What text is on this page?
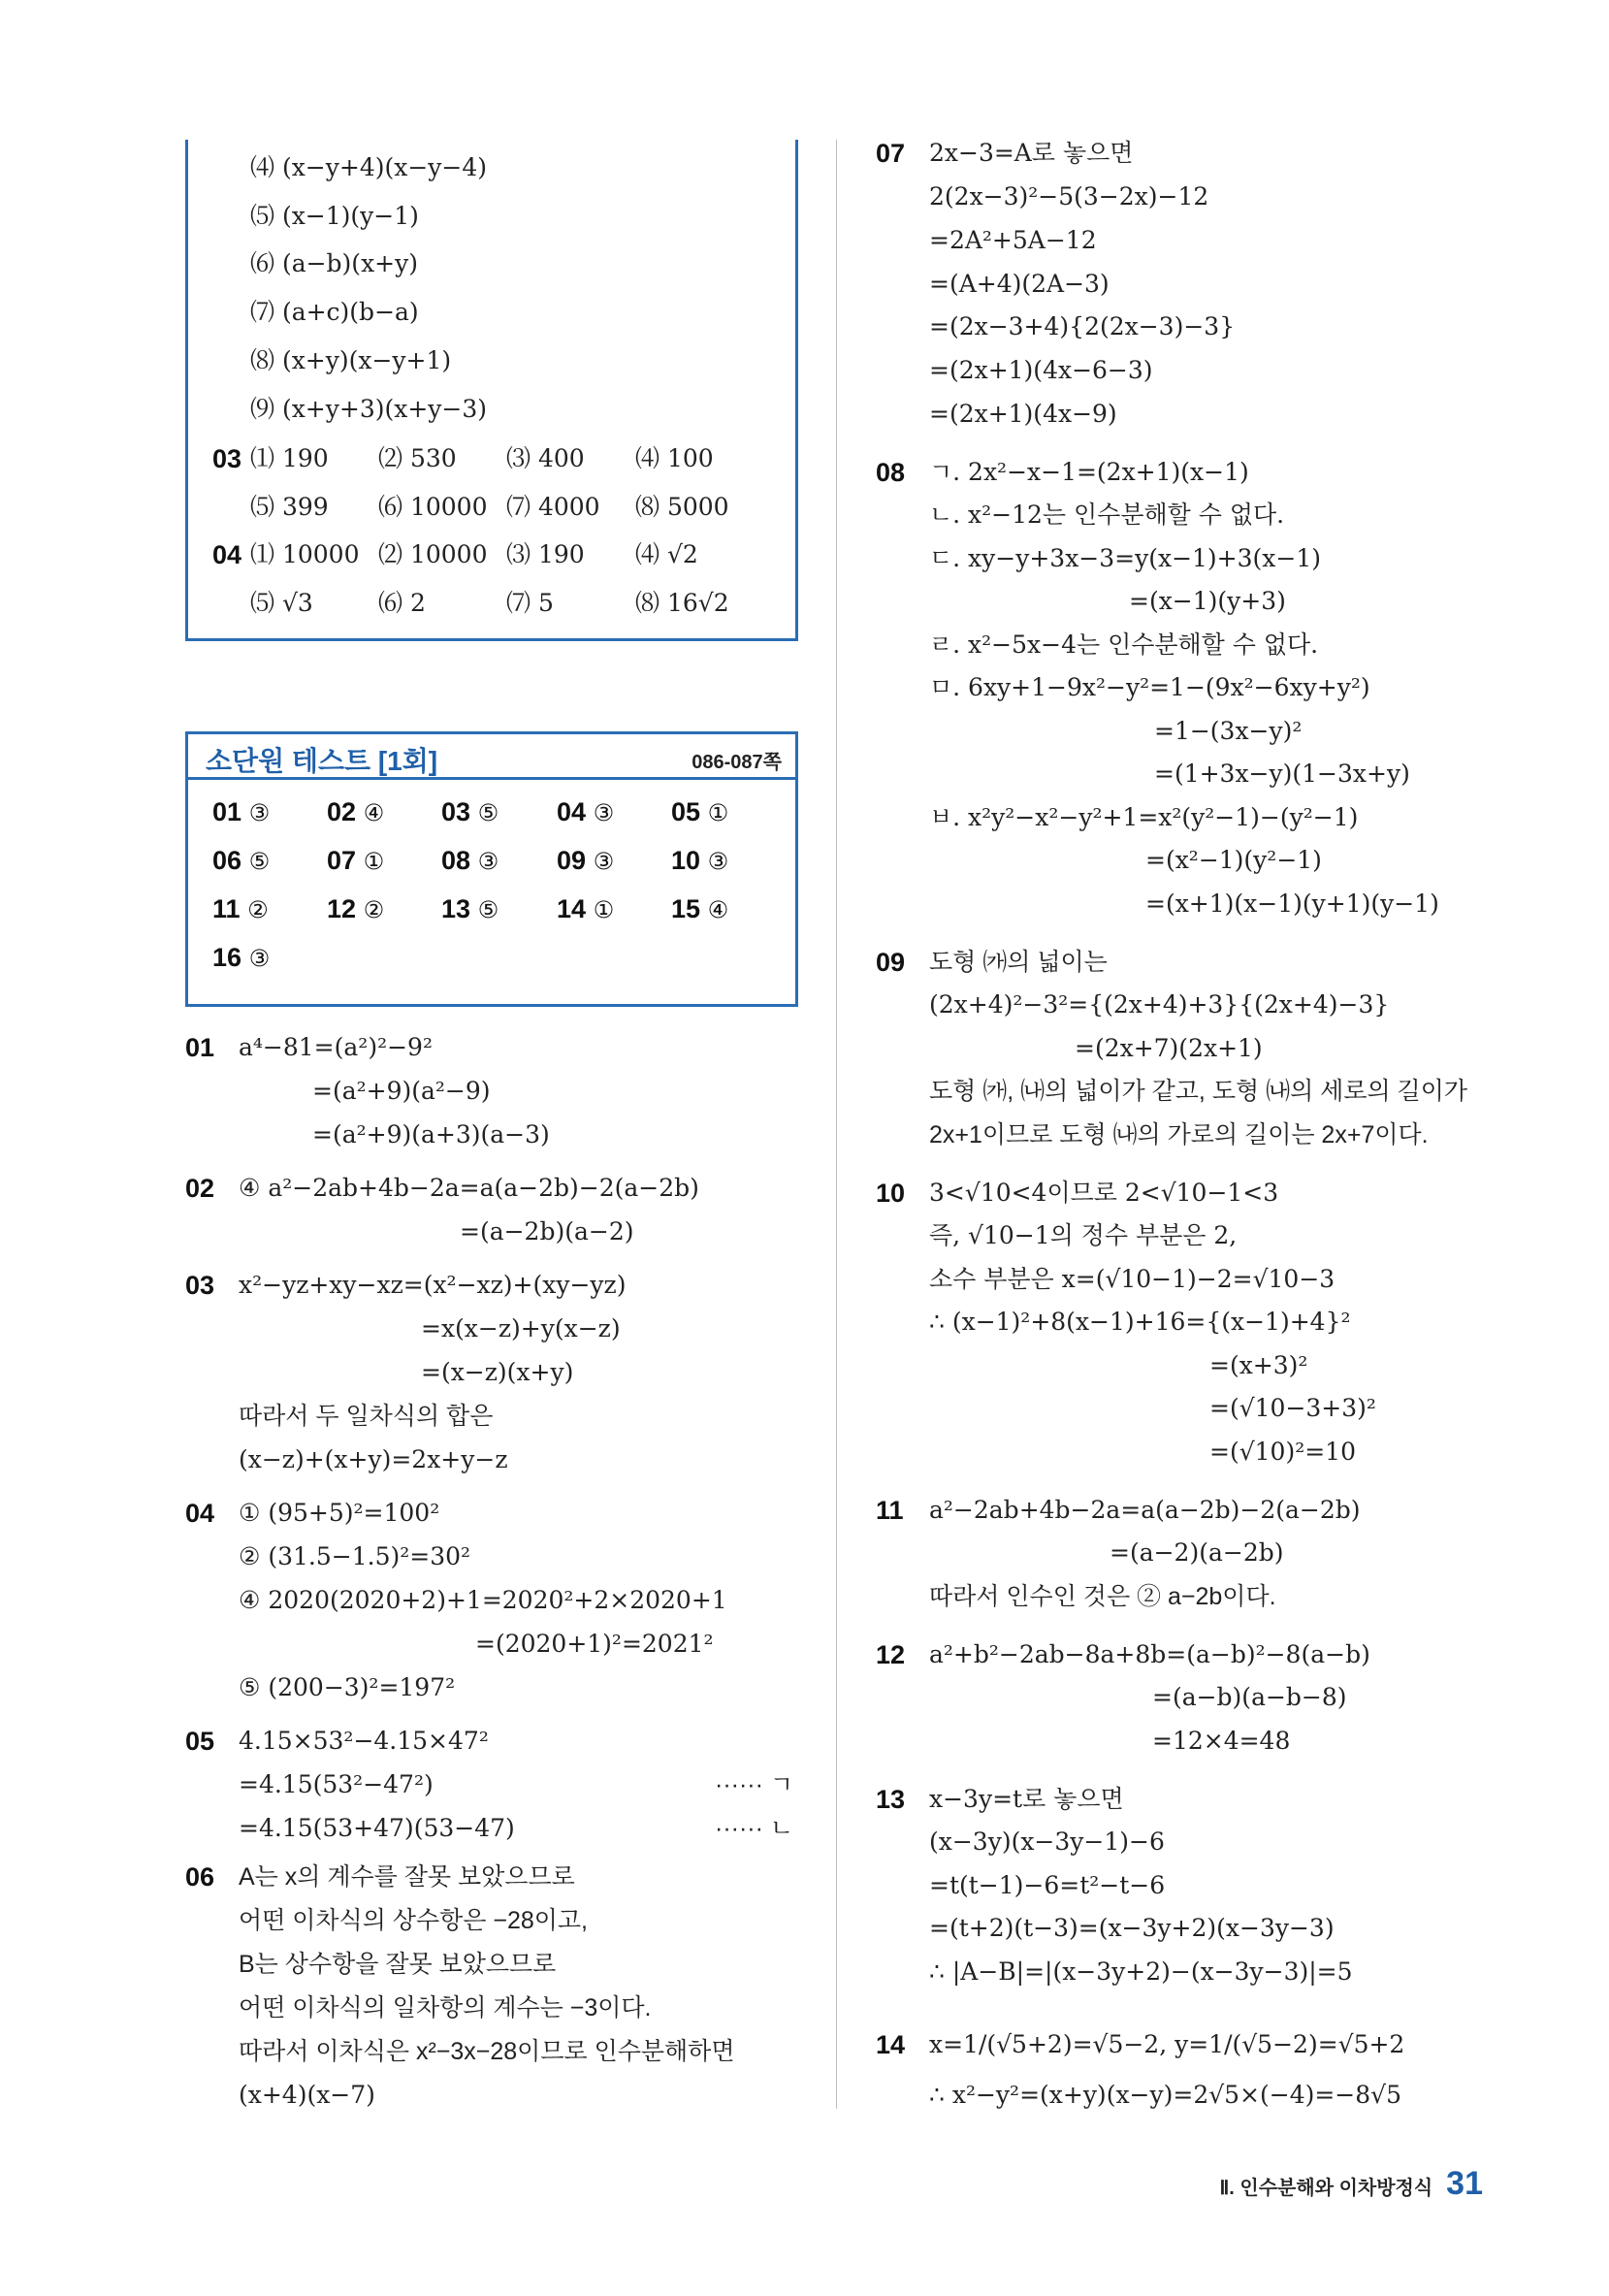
⑷ (x−y+4)(x−y−4)
⑸ (x−1)(y−1)
⑹ (a−b)(x+y)
⑺ (a+c)(b−a)
⑻ (x+y)(x−y+1)
⑼ (x+y+3)(x+y−3)
03 ⑴ 190 ⑵ 530 ⑶ 400 ⑷ 100
⑸ 399 ⑹ 10000 ⑺ 4000 ⑻ 5000
04 ⑴ 10000 ⑵ 10000 ⑶ 190 ⑷ √2
⑸ √3	⑹ 2	⑺ 5	⑻ 16√2
소단원 테스트 [1회]	086-087쪽
01 ③ 02 ④ 03 ⑤ 04 ③ 05 ①
06 ⑤ 07 ① 08 ③ 09 ③ 10 ③
11 ② 12 ② 13 ⑤ 14 ① 15 ④
16 ③
01 a⁴−81=(a²)²−9²
=(a²+9)(a²−9)
=(a²+9)(a+3)(a−3)
02 ④ a²−2ab+4b−2a=a(a−2b)−2(a−2b)
=(a−2b)(a−2)
03 x²−yz+xy−xz=(x²−xz)+(xy−yz)
=x(x−z)+y(x−z)
=(x−z)(x+y)
따라서 두 일차식의 합은
(x−z)+(x+y)=2x+y−z
04 ① (95+5)²=100²
② (31.5−1.5)²=30²
④ 2020(2020+2)+1=2020²+2×2020+1
=(2020+1)²=2021²
⑤ (200−3)²=197²
05 4.15×53²−4.15×47²
=4.15(53²−47²)
=4.15(53+47)(53−47)
······ ㄱ
······ ㄴ
06 A는 x의 계수를 잘못 보았으므로
어떤 이차식의 상수항은 −28이고,
B는 상수항을 잘못 보았으므로
어떤 이차식의 일차항의 계수는 −3이다.
따라서 이차식은 x²−3x−28이므로 인수분해하면
(x+4)(x−7)
07 2x−3=A로 놓으면
2(2x−3)²−5(3−2x)−12
=2A²+5A−12
=(A+4)(2A−3)
=(2x−3+4){2(2x−3)−3}
=(2x+1)(4x−6−3)
=(2x+1)(4x−9)
08 ㄱ. 2x²−x−1=(2x+1)(x−1)
ㄴ. x²−12는 인수분해할 수 없다.
ㄷ. xy−y+3x−3=y(x−1)+3(x−1)
=(x−1)(y+3)
ㄹ. x²−5x−4는 인수분해할 수 없다.
ㅁ. 6xy+1−9x²−y²=1−(9x²−6xy+y²)
=1−(3x−y)²
=(1+3x−y)(1−3x+y)
ㅂ. x²y²−x²−y²+1=x²(y²−1)−(y²−1)
=(x²−1)(y²−1)
=(x+1)(x−1)(y+1)(y−1)
09 도형 ㈎의 넓이는
(2x+4)²−3²={(2x+4)+3}{(2x+4)−3}
=(2x+7)(2x+1)
도형 ㈎, ㈏의 넓이가 같고, 도형 ㈏의 세로의 길이가
2x+1이므로 도형 ㈏의 가로의 길이는 2x+7이다.
10 3<√10<4이므로 2<√10−1<3
즉, √10−1의 정수 부분은 2,
소수 부분은 x=(√10−1)−2=√10−3
∴ (x−1)²+8(x−1)+16={(x−1)+4}²
=(x+3)²
=(√10−3+3)²
=(√10)²=10
11 a²−2ab+4b−2a=a(a−2b)−2(a−2b)
=(a−2)(a−2b)
따라서 인수인 것은 ② a−2b이다.
12 a²+b²−2ab−8a+8b=(a−b)²−8(a−b)
=(a−b)(a−b−8)
=12×4=48
13 x−3y=t로 놓으면
(x−3y)(x−3y−1)−6
=t(t−1)−6=t²−t−6
=(t+2)(t−3)=(x−3y+2)(x−3y−3)
∴ |A−B|=|(x−3y+2)−(x−3y−3)|=5
14 x=1/(√5+2)=√5−2, y=1/(√5−2)=√5+2
∴ x²−y²=(x+y)(x−y)=2√5×(−4)=−8√5
Ⅱ. 인수분해와 이차방정식 31
